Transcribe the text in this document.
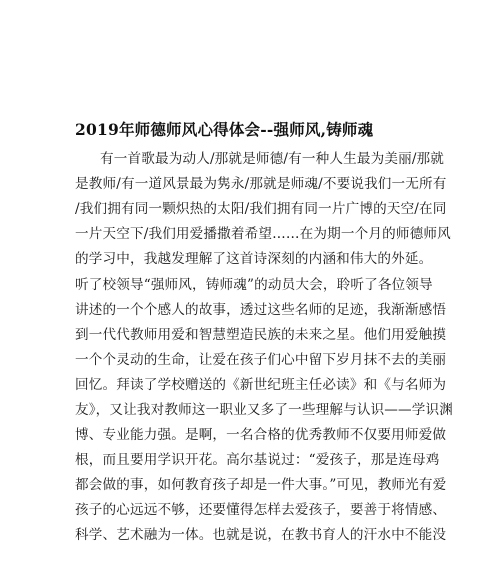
2019年师德师风心得体会--强师风,铸师魂
有一首歌最为动人/那就是师德/有一种人生最为美丽/那就
是教师/有一道风景最为隽永/那就是师魂/不要说我们一无所有
/我们拥有同一颗炽热的太阳/我们拥有同一片广博的天空/在同
一片天空下/我们用爱播撒着希望……在为期一个月的师德师风
的学习中，我越发理解了这首诗深刻的内涵和伟大的外延。
听了校领导“强师风，铸师魂”的动员大会，聆听了各位领导
讲述的一个个感人的故事，透过这些名师的足迹，我渐渐感悟
到一代代教师用爱和智慧塑造民族的未来之星。他们用爱触摸
一个个灵动的生命，让爱在孩子们心中留下岁月抹不去的美丽
回忆。拜读了学校赠送的《新世纪班主任必读》和《与名师为
友》，又让我对教师这一职业又多了一些理解与认识——学识渊
博、专业能力强。是啊，一名合格的优秀教师不仅要用师爱做
根，而且要用学识开花。高尔基说过：“爱孩子，那是连母鸡
都会做的事，如何教育孩子却是一件大事。”可见，教师光有爱
孩子的心远远不够，还要懂得怎样去爱孩子，要善于将情感、
科学、艺术融为一体。也就是说，在教书育人的汗水中不能没
